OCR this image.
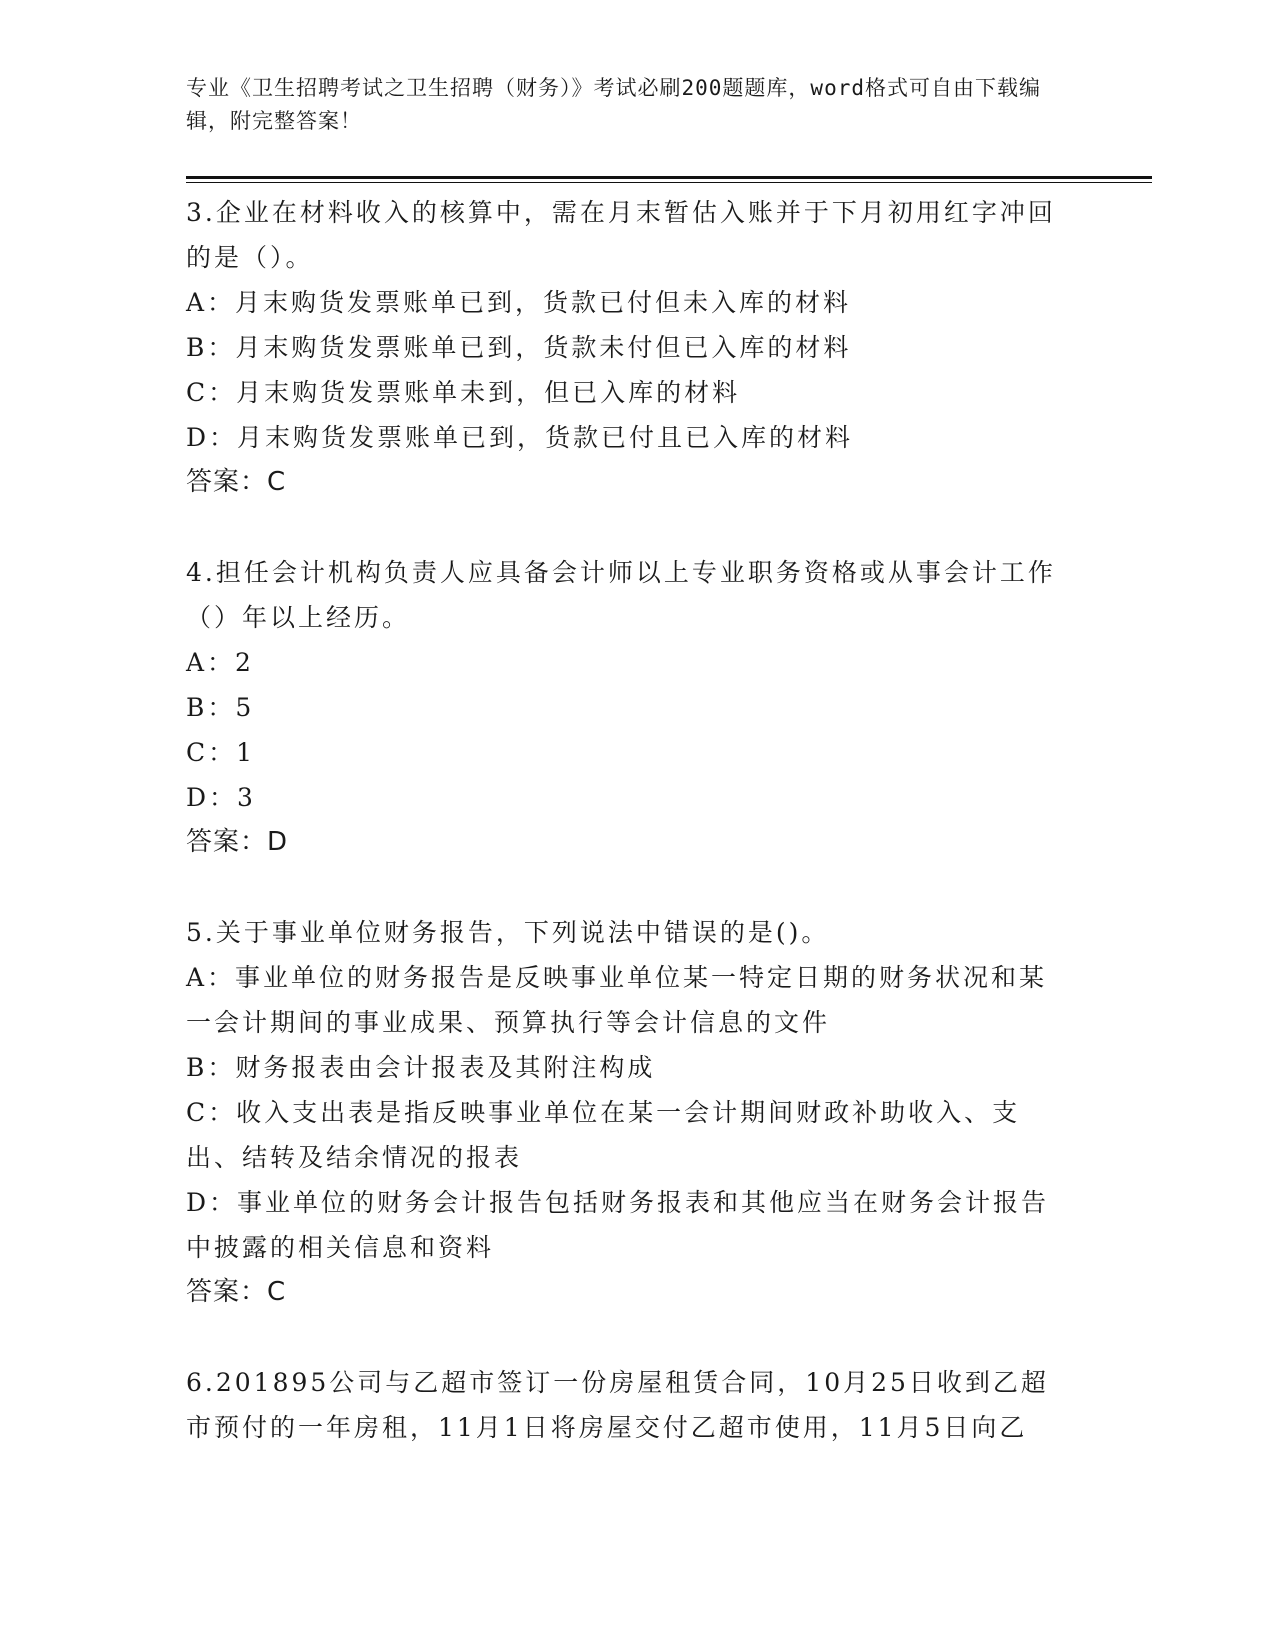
专业《卫生招聘考试之卫生招聘（财务）》考试必刷200题题库，word格式可自由下载编辑，附完整答案！
3.企业在材料收入的核算中，需在月末暂估入账并于下月初用红字冲回的是（）。
A：月末购货发票账单已到，货款已付但未入库的材料
B：月末购货发票账单已到，货款未付但已入库的材料
C：月末购货发票账单未到，但已入库的材料
D：月末购货发票账单已到，货款已付且已入库的材料
答案：C
4.担任会计机构负责人应具备会计师以上专业职务资格或从事会计工作（）年以上经历。
A：2
B：5
C：1
D：3
答案：D
5.关于事业单位财务报告，下列说法中错误的是()。
A：事业单位的财务报告是反映事业单位某一特定日期的财务状况和某一会计期间的事业成果、预算执行等会计信息的文件
B：财务报表由会计报表及其附注构成
C：收入支出表是指反映事业单位在某一会计期间财政补助收入、支出、结转及结余情况的报表
D：事业单位的财务会计报告包括财务报表和其他应当在财务会计报告中披露的相关信息和资料
答案：C
6.201895公司与乙超市签订一份房屋租赁合同，10月25日收到乙超市预付的一年房租，11月1日将房屋交付乙超市使用，11月5日向乙
